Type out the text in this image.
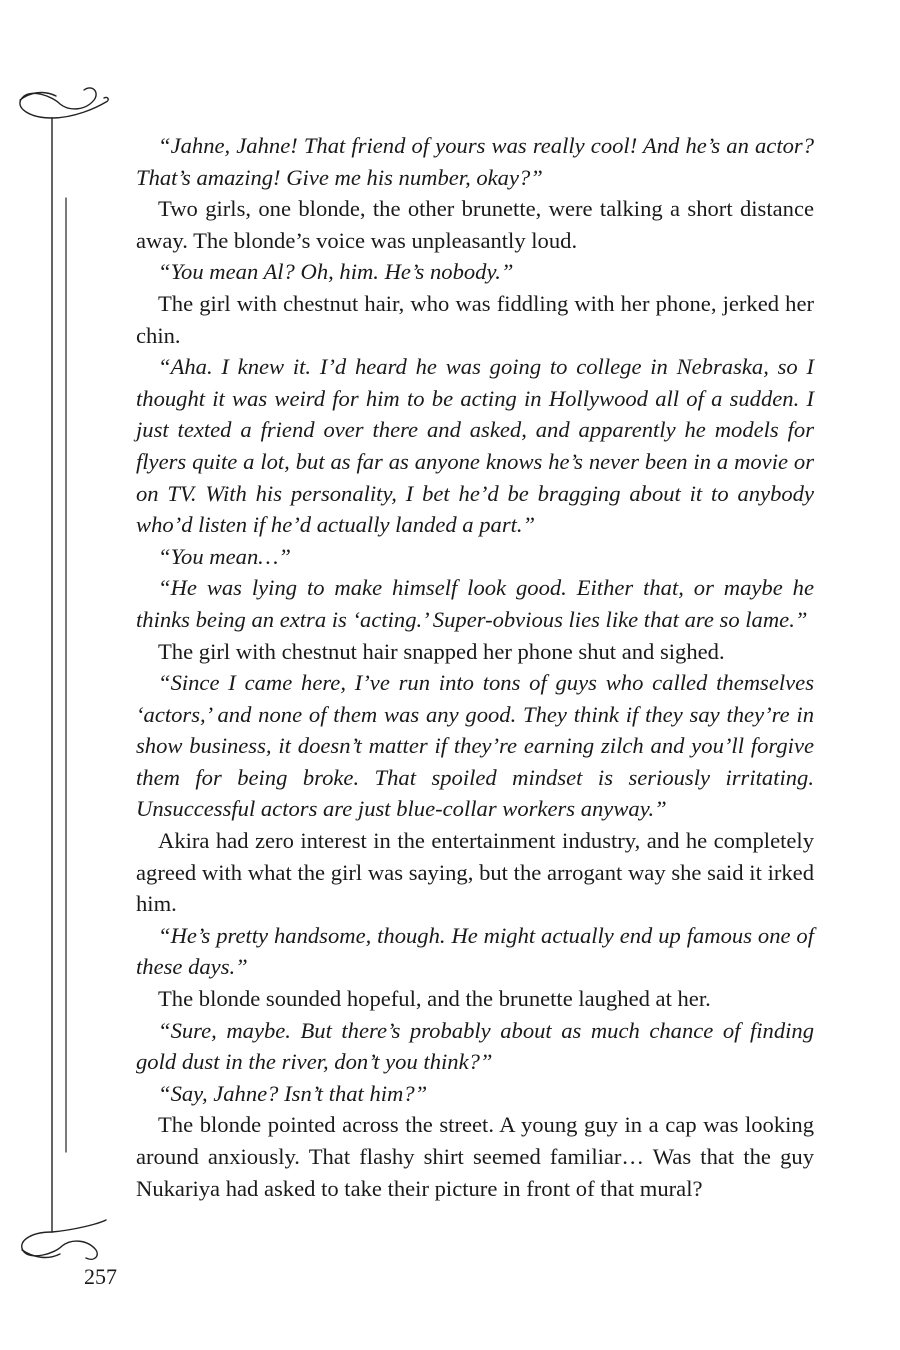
“Jahne, Jahne! That friend of yours was really cool! And he’s an actor? That’s amazing! Give me his number, okay?”

Two girls, one blonde, the other brunette, were talking a short distance away. The blonde’s voice was unpleasantly loud.

“You mean Al? Oh, him. He’s nobody.”

The girl with chestnut hair, who was fiddling with her phone, jerked her chin.

“Aha. I knew it. I’d heard he was going to college in Nebraska, so I thought it was weird for him to be acting in Hollywood all of a sudden. I just texted a friend over there and asked, and apparently he models for flyers quite a lot, but as far as anyone knows he’s never been in a movie or on TV. With his personality, I bet he’d be bragging about it to anybody who’d listen if he’d actually landed a part.”

“You mean…”

“He was lying to make himself look good. Either that, or maybe he thinks being an extra is ‘acting.’ Super-obvious lies like that are so lame.”

The girl with chestnut hair snapped her phone shut and sighed.

“Since I came here, I’ve run into tons of guys who called themselves ‘actors,’ and none of them was any good. They think if they say they’re in show business, it doesn’t matter if they’re earning zilch and you’ll forgive them for being broke. That spoiled mindset is seriously irritating. Unsuccessful actors are just blue-collar workers anyway.”

Akira had zero interest in the entertainment industry, and he completely agreed with what the girl was saying, but the arrogant way she said it irked him.

“He’s pretty handsome, though. He might actually end up famous one of these days.”

The blonde sounded hopeful, and the brunette laughed at her.

“Sure, maybe. But there’s probably about as much chance of finding gold dust in the river, don’t you think?”

“Say, Jahne? Isn’t that him?”

The blonde pointed across the street. A young guy in a cap was looking around anxiously. That flashy shirt seemed familiar… Was that the guy Nukariya had asked to take their picture in front of that mural?

257
